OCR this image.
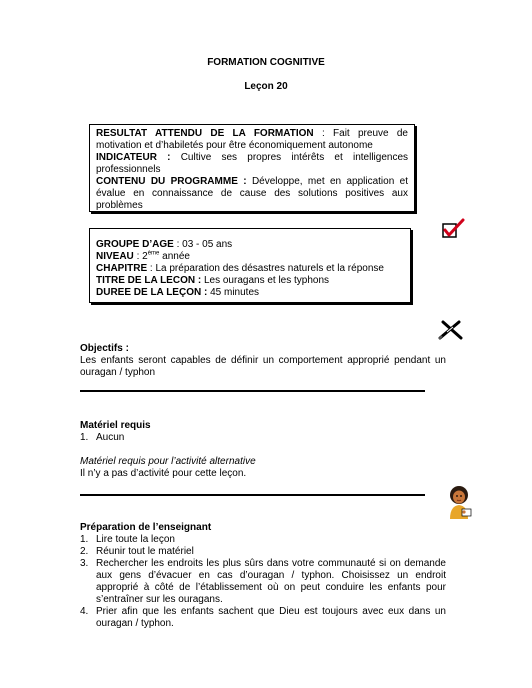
FORMATION COGNITIVE
Leçon 20

RESULTAT ATTENDU DE LA FORMATION : Fait preuve de motivation et d’habiletés pour être économiquement autonome

INDICATEUR : Cultive ses propres intérêts et intelligences professionnels

CONTENU DU PROGRAMME : Développe, met en application et évalue en connaissance de cause des solutions positives aux problèmes

GROUPE D’AGE : 03 - 05 ans

NIVEAU : 2ème année

CHAPITRE : La préparation des désastres naturels et la réponse

TITRE DE LA LECON : Les ouragans et les typhons

DUREE DE LA LEÇON : 45 minutes

Objectifs :

Les enfants seront capables de définir un comportement approprié pendant un ouragan / typhon

Matériel requis

1. Aucun

Matériel requis pour l’activité alternative

Il n’y a pas d’activité pour cette leçon.

Préparation de l’enseignant

1. Lire toute la leçon
2. Réunir tout le matériel
3. Rechercher les endroits les plus sûrs dans votre communauté si on demande aux gens d’évacuer en cas d’ouragan / typhon. Choisissez un endroit approprié à côté de l’établissement où on peut conduire les enfants pour s’entraîner sur les ouragans.
4. Prier afin que les enfants sachent que Dieu est toujours avec eux dans un ouragan / typhon.
